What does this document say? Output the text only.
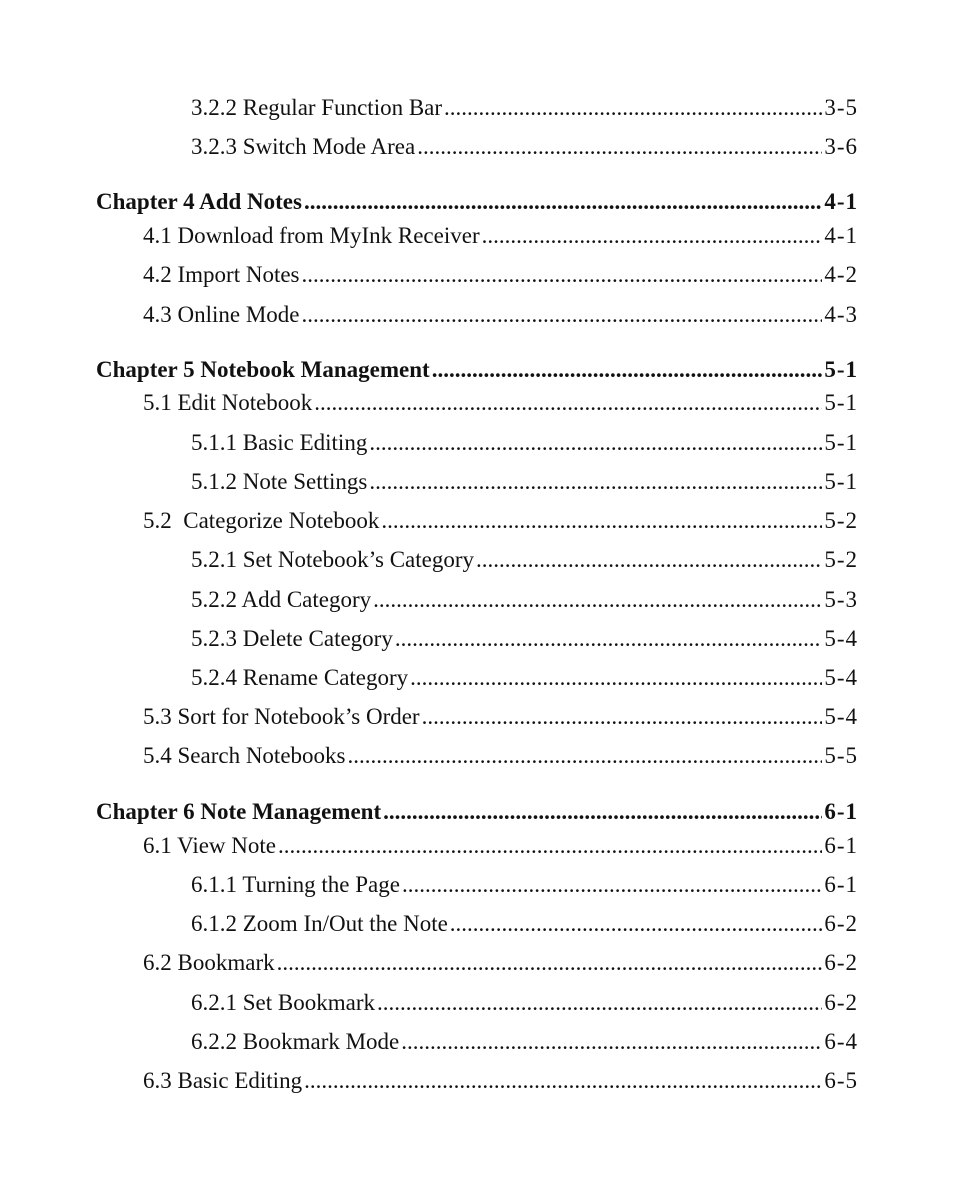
3.2.2 Regular Function Bar .....	3-5
3.2.3 Switch Mode Area .....	3-6
Chapter 4 Add Notes .....	4-1
4.1 Download from MyInk Receiver .....	4-1
4.2 Import Notes .....	4-2
4.3 Online Mode .....	4-3
Chapter 5 Notebook Management .....	5-1
5.1 Edit Notebook .....	5-1
5.1.1 Basic Editing .....	5-1
5.1.2 Note Settings .....	5-1
5.2  Categorize Notebook .....	5-2
5.2.1 Set Notebook’s Category .....	5-2
5.2.2 Add Category .....	5-3
5.2.3 Delete Category .....	5-4
5.2.4 Rename Category .....	5-4
5.3 Sort for Notebook’s Order .....	5-4
5.4 Search Notebooks .....	5-5
Chapter 6 Note Management .....	6-1
6.1 View Note .....	6-1
6.1.1 Turning the Page .....	6-1
6.1.2 Zoom In/Out the Note .....	6-2
6.2 Bookmark .....	6-2
6.2.1 Set Bookmark .....	6-2
6.2.2 Bookmark Mode .....	6-4
6.3 Basic Editing .....	6-5
